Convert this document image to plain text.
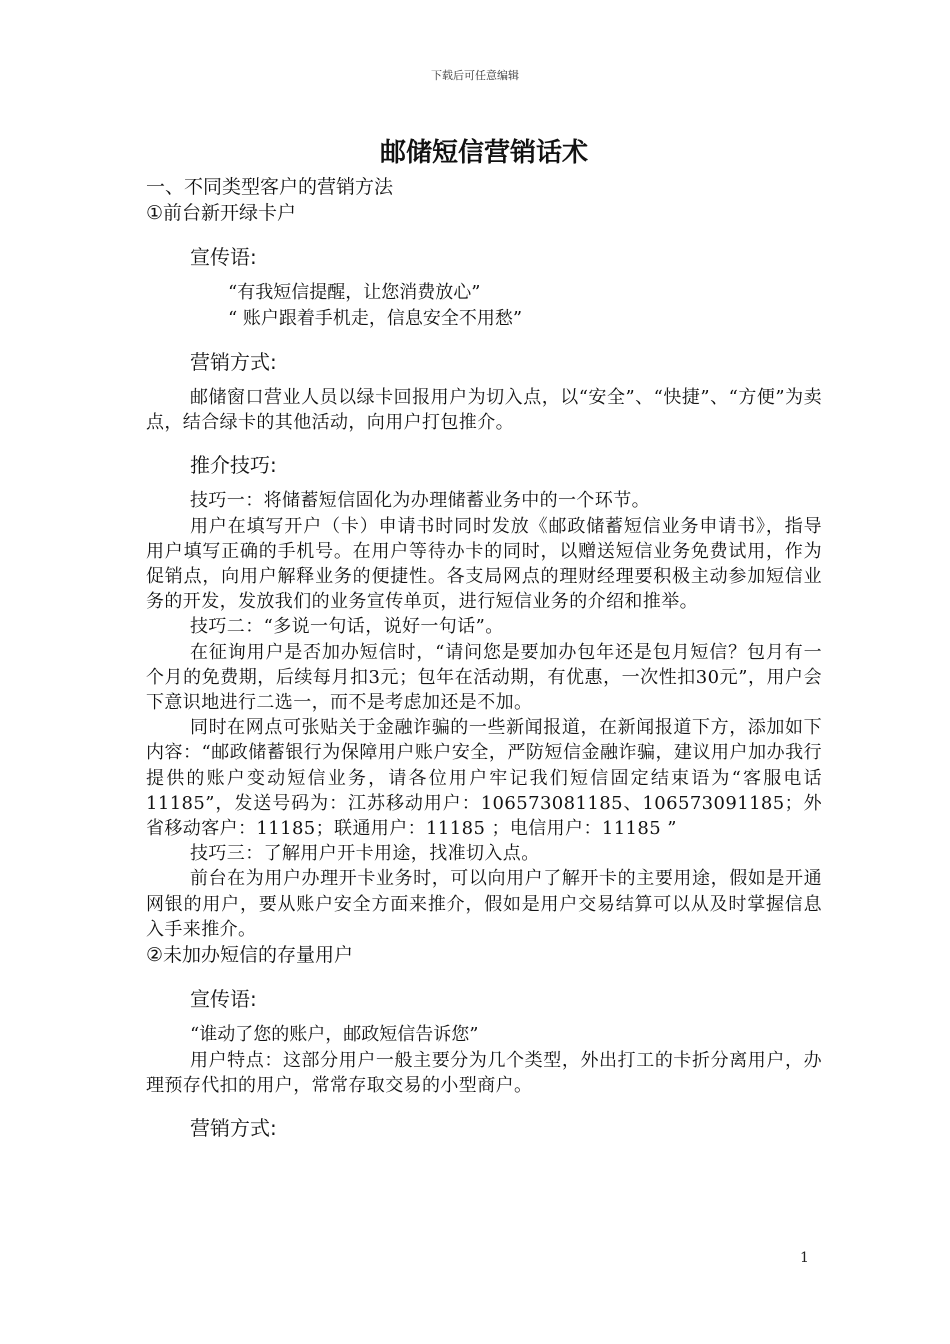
下载后可任意编辑
邮储短信营销话术
一、不同类型客户的营销方法
①前台新开绿卡户
宣传语:
“有我短信提醒，让您消费放心”
“ 账户跟着手机走，信息安全不用愁”
营销方式:

邮储窗口营业人员以绿卡回报用户为切入点，以“安全”、“快捷”、“方便”为卖点，结合绿卡的其他活动，向用户打包推介。

推介技巧:

技巧一：将储蓄短信固化为办理储蓄业务中的一个环节。

用户在填写开户（卡）申请书时同时发放《邮政储蓄短信业务申请书》，指导用户填写正确的手机号。在用户等待办卡的同时，以赠送短信业务免费试用，作为促销点，向用户解释业务的便捷性。各支局网点的理财经理要积极主动参加短信业务的开发，发放我们的业务宣传单页，进行短信业务的介绍和推举。

技巧二：“多说一句话，说好一句话”。

在征询用户是否加办短信时，“请问您是要加办包年还是包月短信？包月有一个月的免费期，后续每月扣3元；包年在活动期，有优惠，一次性扣30元”，用户会下意识地进行二选一，而不是考虑加还是不加。

同时在网点可张贴关于金融诈骗的一些新闻报道，在新闻报道下方，添加如下内容：“邮政储蓄银行为保障用户账户安全，严防短信金融诈骗，建议用户加办我行提供的账户变动短信业务，请各位用户牢记我们短信固定结束语为“客服电话11185”，发送号码为：江苏移动用户：106573081185、106573091185；外省移动客户：11185；联通用户：11185 ；电信用户：11185 ”

技巧三：了解用户开卡用途，找准切入点。

前台在为用户办理开卡业务时，可以向用户了解开卡的主要用途，假如是开通网银的用户，要从账户安全方面来推介，假如是用户交易结算可以从及时掌握信息入手来推介。

②未加办短信的存量用户
宣传语:
“谁动了您的账户，邮政短信告诉您”

用户特点：这部分用户一般主要分为几个类型，外出打工的卡折分离用户，办理预存代扣的用户，常常存取交易的小型商户。

营销方式:
1
